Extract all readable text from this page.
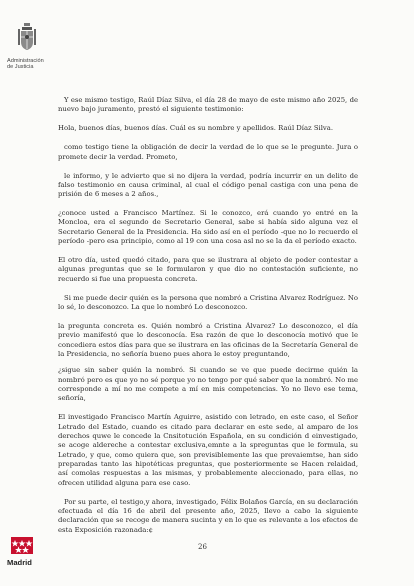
Administración
de Justicia

Y ese mismo testigo, Raúl Díaz Silva, el día 28 de mayo de este mismo año 2025, de nuevo bajo juramento, prestó el siguiente testimonio:

Hola, buenos días, buenos días. Cuál es su nombre y apellidos. Raúl Díaz Silva.

como testigo tiene la obligación de decir la verdad de lo que se le pregunte. Jura o promete decir la verdad. Prometo,

le informo, y le advierto que si no dijera la verdad, podría incurrir en un delito de falso testimonio en causa criminal, al cual el código penal castiga con una pena de prisión de 6 meses a 2 años.,

¿conoce usted a Francisco Martínez. Si le conozco, erá cuando yo entré en la Moncloa, era el segundo de Secretario General, sabe si había sido alguna vez el Secretario General de la Presidencia. Ha sido así en el período -que no lo recuerdo el período -pero esa principio, como al 19 con una cosa asl no se la da el período exacto.

El otro día, usted quedó citado, para que se ilustrara al objeto de poder contestar a algunas preguntas que se le formularon y que dio no contestación suficiente, no recuerdo si fue una propuesta concreta.

Si me puede decir quién es la persona que nombró a Cristina Alvarez Rodríguez. No lo sé, lo desconozco. La que lo nombró Lo desconozco.

la pregunta concreta es. Quién nombró a Cristina Álvarez? Lo desconozco, el día previo manifestó que lo desconocía. Esa razón de que lo desconocía motivó que le concediera estos días para que se ilustrara en las oficinas de la Secretaría General de la Presidencia, no señoría bueno pues ahora le estoy preguntando,

¿sigue sin saber quién la nombró. Si cuando se ve que puede decirme quién la nombró pero es que yo no sé porque yo no tengo por qué saber que la nombró. No me corresponde a mí no me compete a mí en mis competencias. Yo no llevo ese tema, señoría,

El investigado Francisco Martín Aguirre, asistido con letrado, en este caso, el Señor Letrado del Estado, cuando es citado para declarar en este sede, al amparo de los derechos quwe le concede la Cnsitotución Española, en su condición d einvestigado, se acoge aldereche a contestar exclusiva,emnte a la spreguntas que le formula, su Letrado, y que, como quiera que, son previsiblemente las que prevaiemtse, han sido preparadas tanto las hipotéticas preguntas, que posteriormente se Hacen relaidad, así comolas respuestas a las mismas, y probablemente aleccionado, para ellas, no ofrecen utilidad alguna para ese caso.

Por su parte, el testigo,y ahora, investigado, Félix Bolaños García, en su declaración efectuada el día 16 de abril del presente año, 2025, llevo a cabo la siguiente declaración que se recoge de manera sucinta y en lo que es relevante a los efectos de esta Exposición razonada:¢

26
Madrid
